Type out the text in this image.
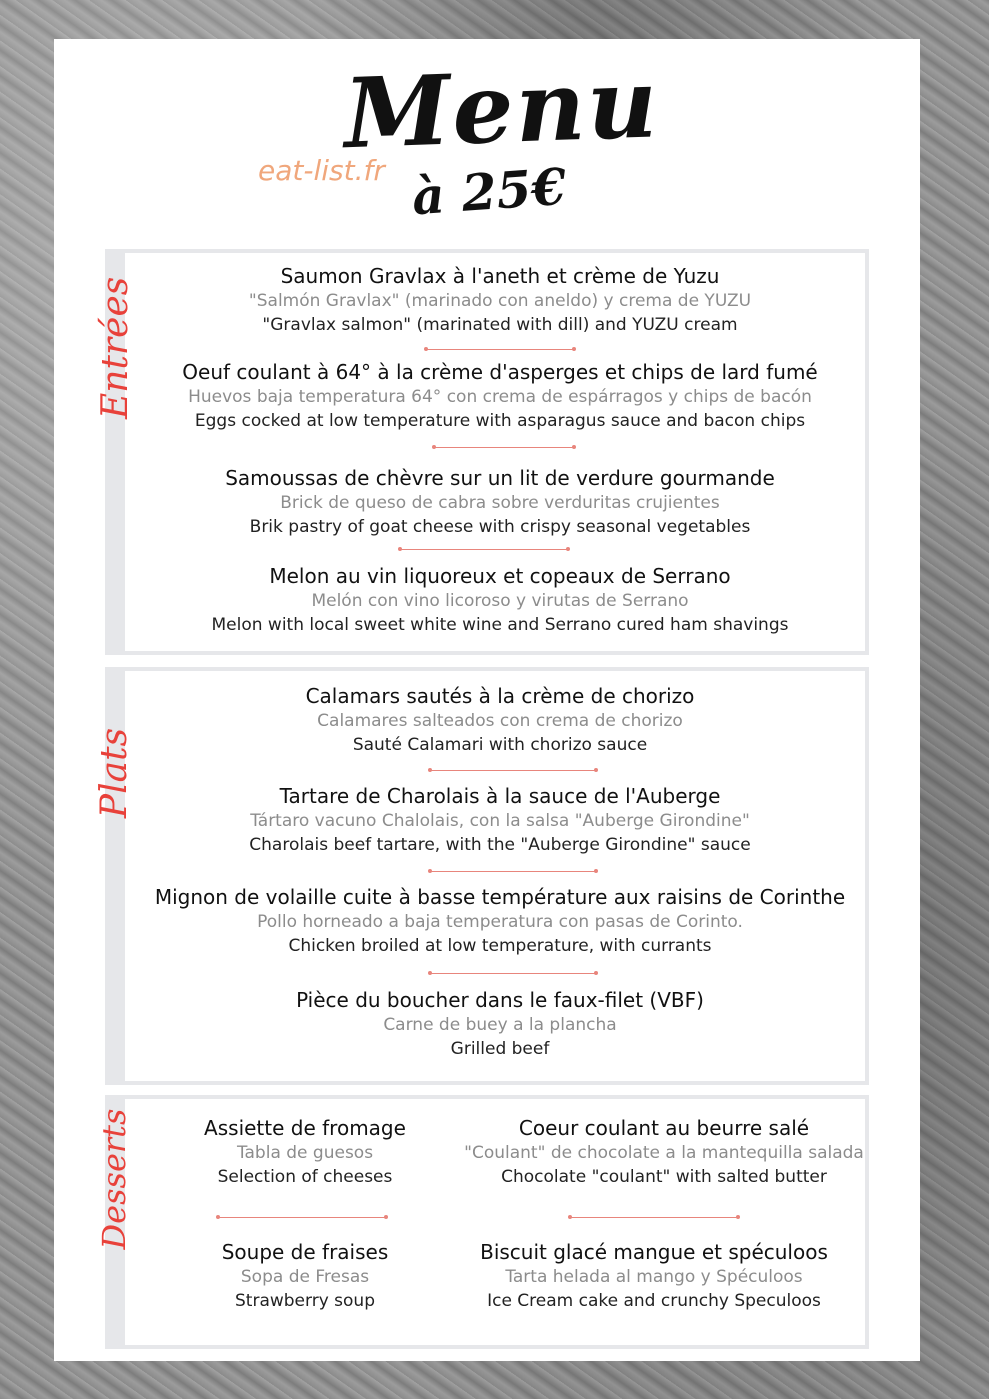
Menu
eat-list.fr à 25€
Entrées
Saumon Gravlax à l'aneth et crème de Yuzu
"Salmón Gravlax" (marinado con aneldo) y crema de YUZU
"Gravlax salmon" (marinated with dill) and YUZU cream
Oeuf coulant à 64° à la crème d'asperges et chips de lard fumé
Huevos baja temperatura 64° con crema de espárragos y chips de bacón
Eggs cocked at low temperature with asparagus sauce and bacon chips
Samoussas de chèvre sur un lit de verdure gourmande
Brick de queso de cabra sobre verduritas crujientes
Brik pastry of goat cheese with crispy seasonal vegetables
Melon au vin liquoreux et copeaux de Serrano
Melón con vino licoroso y virutas de Serrano
Melon with local sweet white wine and Serrano cured ham shavings
Plats
Calamars sautés à la crème de chorizo
Calamares salteados con crema de chorizo
Sauté Calamari with chorizo sauce
Tartare de Charolais à la sauce de l'Auberge
Tártaro vacuno Chalolais, con la salsa "Auberge Girondine"
Charolais beef tartare, with the "Auberge Girondine" sauce
Mignon de volaille cuite à basse température aux raisins de Corinthe
Pollo horneado a baja temperatura con pasas de Corinto.
Chicken broiled at low temperature, with currants
Pièce du boucher dans le faux-filet (VBF)
Carne de buey a la plancha
Grilled beef
Desserts	Assiette de fromage
Tabla de guesos
Selection of cheeses
Coeur coulant au beurre salé
"Coulant" de chocolate a la mantequilla salada
Chocolate "coulant" with salted butter
Soupe de fraises
Sopa de Fresas
Strawberry soup
Biscuit glacé mangue et spéculoos
Tarta helada al mango y Spéculoos
Ice Cream cake and crunchy Speculoos
